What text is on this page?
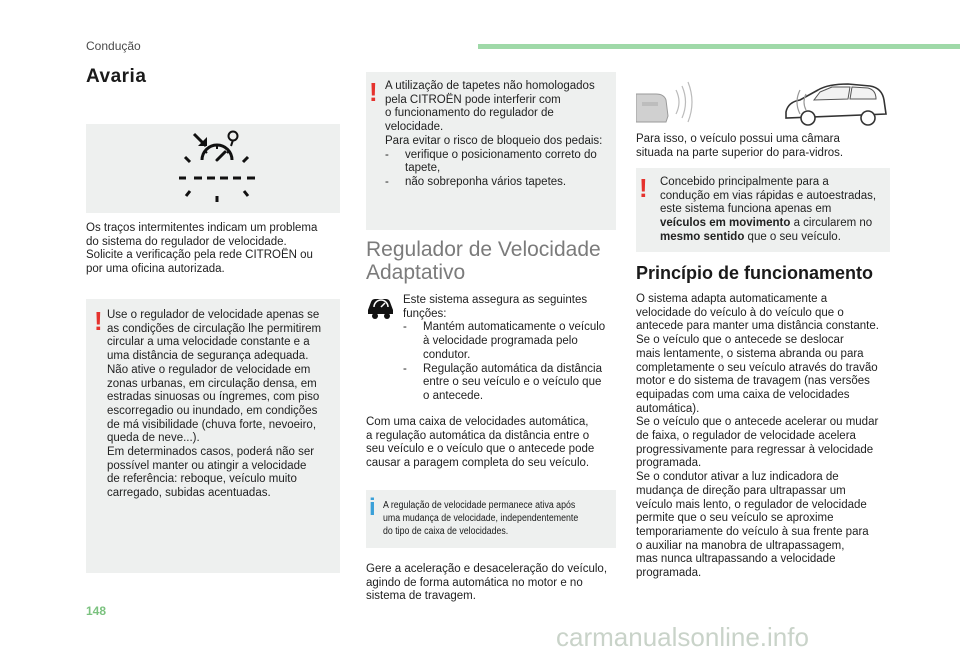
Condução
Avaria
Os traços intermitentes indicam um problema
do sistema do regulador de velocidade.
Solicite a verificação pela rede CITROËN ou
por uma oficina autorizada.
! Use o regulador de velocidade apenas se
as condições de circulação lhe permitirem
circular a uma velocidade constante e a
uma distância de segurança adequada.
Não ative o regulador de velocidade em
zonas urbanas, em circulação densa, em
estradas sinuosas ou íngremes, com piso
escorregadio ou inundado, em condições
de má visibilidade (chuva forte, nevoeiro,
queda de neve...).
Em determinados casos, poderá não ser
possível manter ou atingir a velocidade
de referência: reboque, veículo muito
carregado, subidas acentuadas.
! A utilização de tapetes não homologados
pela CITROËN pode interferir com
o funcionamento do regulador de
velocidade.
Para evitar o risco de bloqueio dos pedais:
-	verifique o posicionamento correto do
tapete,
-	não sobreponha vários tapetes.
Regulador de Velocidade
Adaptativo
Este sistema assegura as seguintes
funções:
-	Mantém automaticamente o veículo
à velocidade programada pelo
condutor.
-	Regulação automática da distância
entre o seu veículo e o veículo que
o antecede.
Com uma caixa de velocidades automática,
a regulação automática da distância entre o
seu veículo e o veículo que o antecede pode
causar a paragem completa do seu veículo.
i A regulação de velocidade permanece ativa após
uma mudança de velocidade, independentemente
do tipo de caixa de velocidades.
Gere a aceleração e desaceleração do veículo,
agindo de forma automática no motor e no
sistema de travagem.
Para isso, o veículo possui uma câmara
situada na parte superior do para-vidros.
! Concebido principalmente para a
condução em vias rápidas e autoestradas,
este sistema funciona apenas em
veículos em movimento a circularem no
mesmo sentido que o seu veículo.
Princípio de funcionamento
O sistema adapta automaticamente a
velocidade do veículo à do veículo que o
antecede para manter uma distância constante.
Se o veículo que o antecede se deslocar
mais lentamente, o sistema abranda ou para
completamente o seu veículo através do travão
motor e do sistema de travagem (nas versões
equipadas com uma caixa de velocidades
automática).
Se o veículo que o antecede acelerar ou mudar
de faixa, o regulador de velocidade acelera
progressivamente para regressar à velocidade
programada.
Se o condutor ativar a luz indicadora de
mudança de direção para ultrapassar um
veículo mais lento, o regulador de velocidade
permite que o seu veículo se aproxime
temporariamente do veículo à sua frente para
o auxiliar na manobra de ultrapassagem,
mas nunca ultrapassando a velocidade
programada.
148
carmanualsonline.info
